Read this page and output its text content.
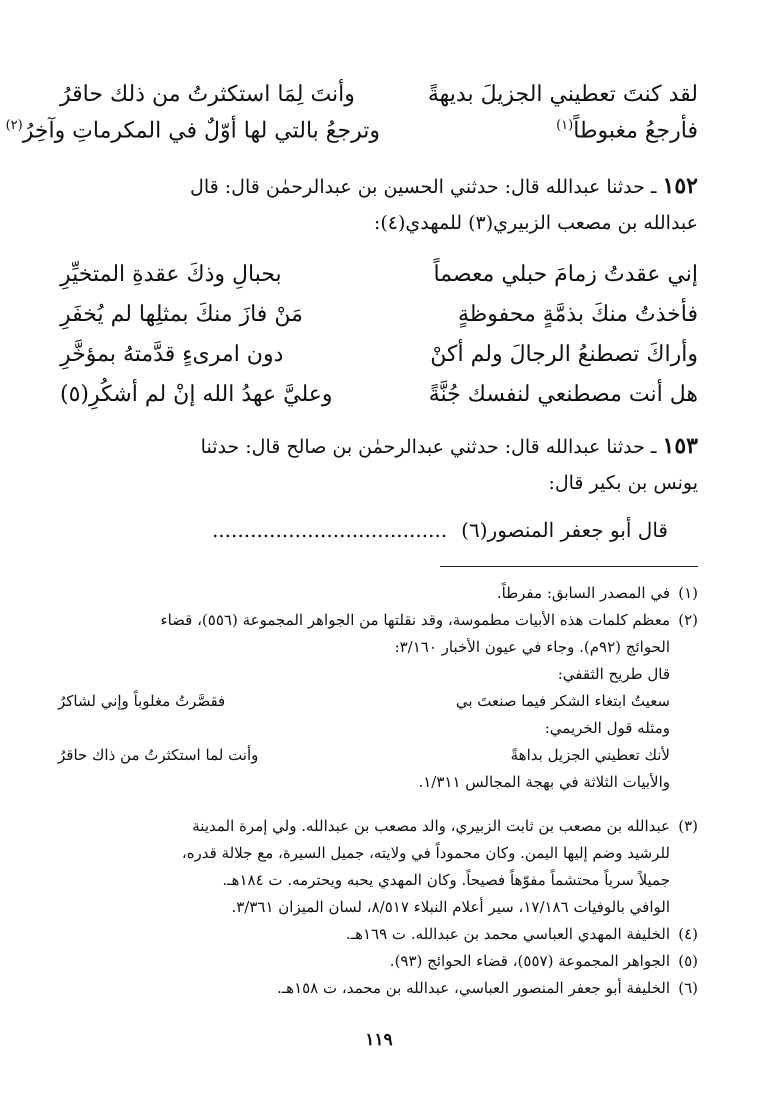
لقد كنتَ تعطيني الجزيلَ بديهةً
وأنتَ لِمَا استكثرتُ من ذلك حاقرُ
فأرجعُ مغبوطاً$^{(١)}$
وترجعُ بالتي لها أوّلٌ في المكرماتِ وآخِرُ$^{(٢)}$
١٥٢ ـ حدثنا عبدالله قال: حدثني الحسين بن عبدالرحمٰن قال: قال
عبدالله بن مصعب الزبيري(٣) للمهدي(٤):
إني عقدتُ زمامَ حبلي معصماً
بحبالِ وذكَ عقدةِ المتخيِّرِ
فأخذتُ منكَ بذمَّةٍ محفوظةٍ
مَنْ فازَ منكَ بمثلِها لم يُخفَرِ
وأراكَ تصطنعُ الرجالَ ولم أكنْ
دون امرىءٍ قدَّمتهُ بمؤخَّرِ
هل أنت مصطنعي لنفسك جُنَّةً
وعليَّ عهدُ الله إنْ لم أشكُرِ(٥)
١٥٣ ـ حدثنا عبدالله قال: حدثني عبدالرحمٰن بن صالح قال: حدثنا
يونس بن بكير قال:
قال أبو جعفر المنصور(٦).....................................
(١)في المصدر السابق: مفرطاً.
(٢)معظم كلمات هذه الأبيات مطموسة، وقد نقلتها من الجواهر المجموعة (٥٥٦)، قضاء
الحوائج (٩٢م). وجاء في عيون الأخبار ٣/١٦٠:
قال طريح الثقفي:
سعيتُ ابتغاء الشكر فيما صنعتَ بي
فقصَّرتُ مغلوباً وإني لشاكرُ
ومثله قول الخريمي:
لأنك تعطيني الجزيل بداهةً
وأنت لما استكثرتُ من ذاك حاقرُ
والأبيات الثلاثة في بهجة المجالس ١/٣١١.
(٣)عبدالله بن مصعب بن ثابت الزبيري، والد مصعب بن عبدالله. ولي إمرة المدينة
للرشيد وضم إليها اليمن. وكان محموداً في ولايته، جميل السيرة، مع جلالة قدره،
جميلاً سرياً محتشماً مفوّهاً فصيحاً. وكان المهدي يحبه ويحترمه. ت ١٨٤هـ.
الوافي بالوفيات ١٧/١٨٦، سير أعلام النبلاء ٨/٥١٧، لسان الميزان ٣/٣٦١.
(٤)الخليفة المهدي العباسي محمد بن عبدالله. ت ١٦٩هـ.
(٥)الجواهر المجموعة (٥٥٧)، قضاء الحوائج (٩٣).
(٦)الخليفة أبو جعفر المنصور العباسي، عبدالله بن محمد، ت ١٥٨هـ.
١١٩
